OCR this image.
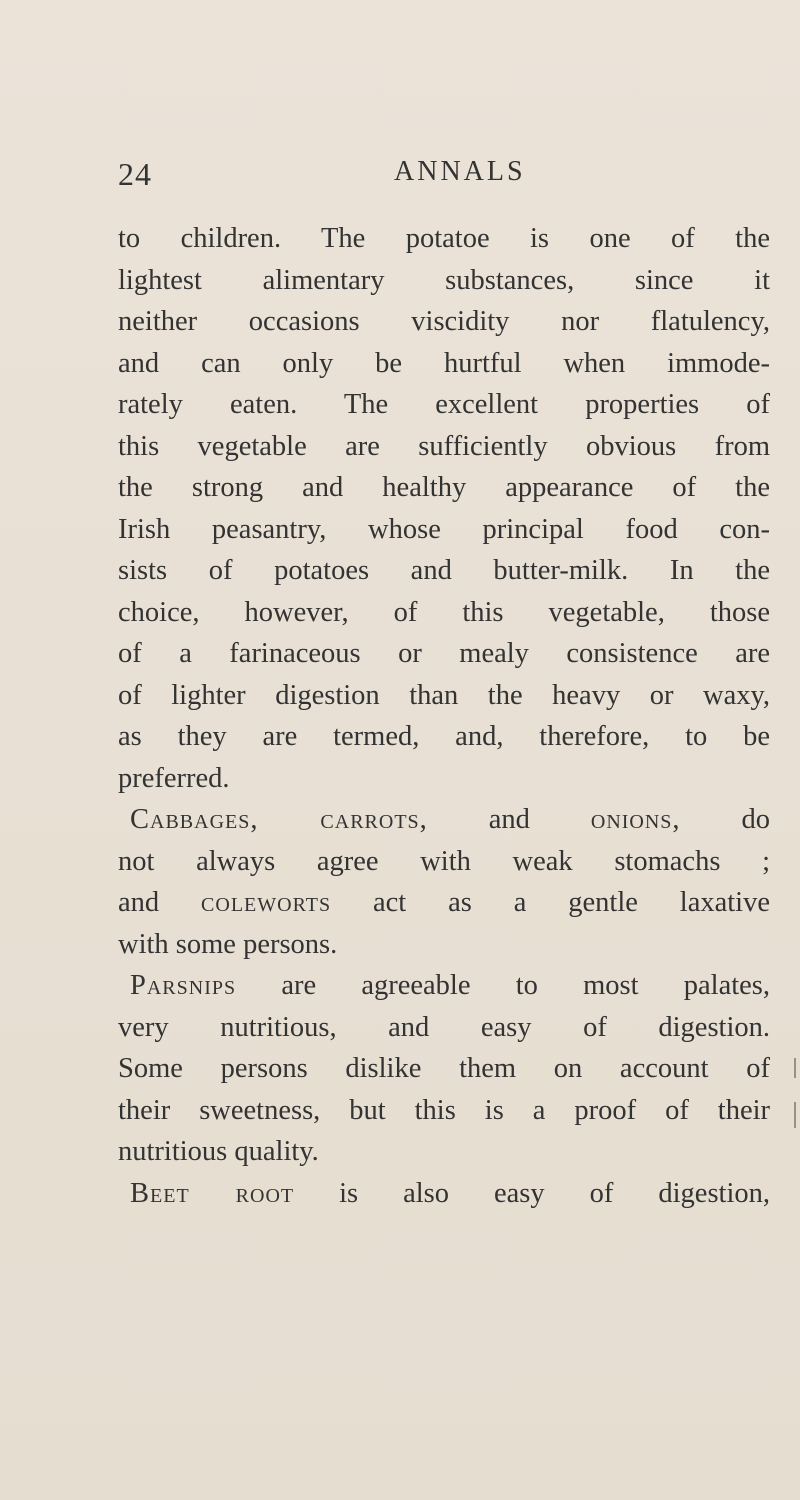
24	ANNALS
to children. The potatoe is one of the
lightest alimentary substances, since it
neither occasions viscidity nor flatulency,
and can only be hurtful when immode-
rately eaten. The excellent properties of
this vegetable are sufficiently obvious from
the strong and healthy appearance of the
Irish peasantry, whose principal food con-
sists of potatoes and butter-milk. In the
choice, however, of this vegetable, those
of a farinaceous or mealy consistence are
of lighter digestion than the heavy or waxy,
as they are termed, and, therefore, to be
preferred.
Cabbages, carrots, and onions, do
not always agree with weak stomachs ;
and coleworts act as a gentle laxative
with some persons.
Parsnips are agreeable to most palates,
very nutritious, and easy of digestion.
Some persons dislike them on account of
their sweetness, but this is a proof of their
nutritious quality.
Beet root is also easy of digestion,
